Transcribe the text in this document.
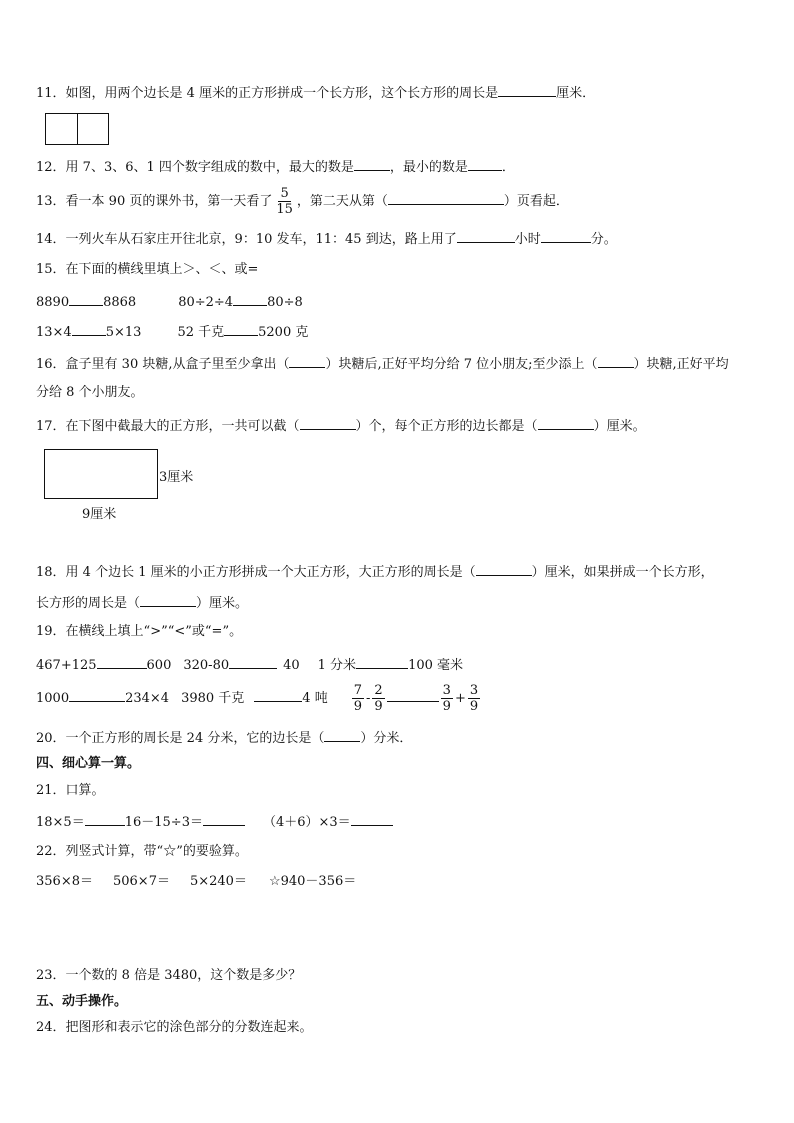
11．如图，用两个边长是 4 厘米的正方形拼成一个长方形，这个长方形的周长是	厘米．
12．用 7、3、6、1 四个数字组成的数中，最大的数是	，最小的数是	．
13．看一本 90 页的课外书，第一天看了 $\frac{5}{15}$ ，第二天从第（	）页看起．
14．一列火车从石家庄开往北京，9：10 发车，11：45 到达，路上用了	小时	分。
15．在下面的横线里填上＞、＜、或=
8890	8868	80÷2÷4	80÷8
13×4	5×13	52 千克	5200 克
16．盒子里有 30 块糖,从盒子里至少拿出（	）块糖后,正好平均分给 7 位小朋友;至少添上（	）块糖,正好平均
分给 8 个小朋友。
17．在下图中截最大的正方形，一共可以截（	）个，每个正方形的边长都是（	）厘米。
3厘米
9厘米
18．用 4 个边长 1 厘米的小正方形拼成一个大正方形，大正方形的周长是（	）厘米，如果拼成一个长方形，
长方形的周长是（	）厘米。
19．在横线上填上“>”“<”或“=”。
467+125	600 320-80	40 1 分米	100 毫米
1000	234×4 3980 千克	4 吨 $\frac{7}{9} - \frac{2}{9}$	$\frac{3}{9} + \frac{3}{9}$
20．一个正方形的周长是 24 分米，它的边长是（	）分米．
四、细心算一算。
21．口算。
18×5＝	16－15÷3＝	（4＋6）×3＝
22．列竖式计算，带“☆”的要验算。
356×8＝ 506×7＝ 5×240＝ ☆940－356＝
23．一个数的 8 倍是 3480，这个数是多少？
五、动手操作。
24．把图形和表示它的涂色部分的分数连起来。
